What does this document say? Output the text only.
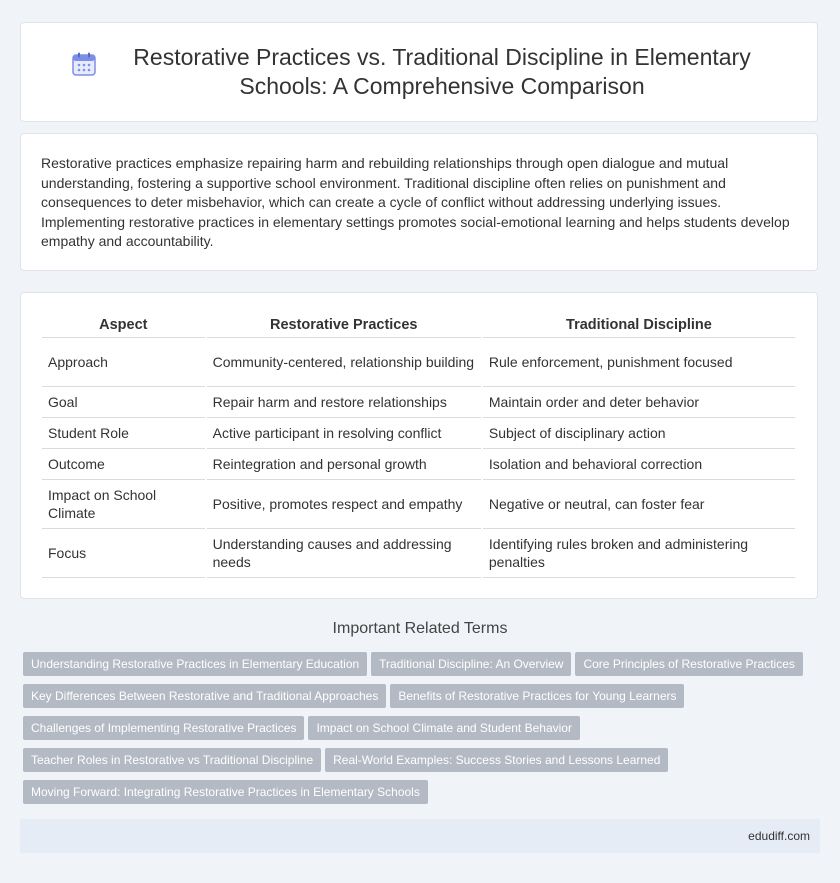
Restorative Practices vs. Traditional Discipline in Elementary Schools: A Comprehensive Comparison

Restorative practices emphasize repairing harm and rebuilding relationships through open dialogue and mutual understanding, fostering a supportive school environment. Traditional discipline often relies on punishment and consequences to deter misbehavior, which can create a cycle of conflict without addressing underlying issues. Implementing restorative practices in elementary settings promotes social-emotional learning and helps students develop empathy and accountability.

Aspect	Restorative Practices	Traditional Discipline
Approach	Community-centered, relationship building	Rule enforcement, punishment focused
Goal	Repair harm and restore relationships	Maintain order and deter behavior
Student Role	Active participant in resolving conflict	Subject of disciplinary action
Outcome	Reintegration and personal growth	Isolation and behavioral correction
Impact on School Climate	Positive, promotes respect and empathy	Negative or neutral, can foster fear
Focus	Understanding causes and addressing needs	Identifying rules broken and administering penalties
Important Related Terms
Understanding Restorative Practices in Elementary Education Traditional Discipline: An Overview Core Principles of Restorative Practices
Key Differences Between Restorative and Traditional Approaches Benefits of Restorative Practices for Young Learners
Challenges of Implementing Restorative Practices Impact on School Climate and Student Behavior
Teacher Roles in Restorative vs Traditional Discipline Real-World Examples: Success Stories and Lessons Learned
Moving Forward: Integrating Restorative Practices in Elementary Schools
edudiff.com
